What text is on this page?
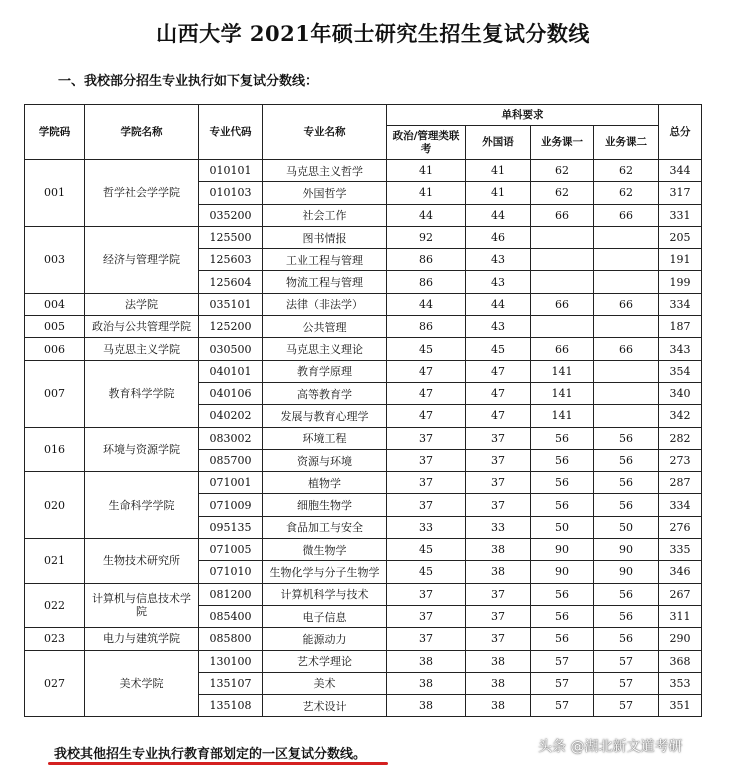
山西大学 2021年硕士研究生招生复试分数线
一、我校部分招生专业执行如下复试分数线：
学院码	学院名称	专业代码	专业名称	单科要求				总分
				政治/管理类联考	外国语	业务课一	业务课二	
001	哲学社会学学院	010101	马克思主义哲学	41	41	62	62	344
		010103	外国哲学	41	41	62	62	317
		035200	社会工作	44	44	66	66	331
003	经济与管理学院	125500	图书情报	92	46			205
		125603	工业工程与管理	86	43			191
		125604	物流工程与管理	86	43			199
004	法学院	035101	法律（非法学）	44	44	66	66	334
005	政治与公共管理学院	125200	公共管理	86	43			187
006	马克思主义学院	030500	马克思主义理论	45	45	66	66	343
007	教育科学学院	040101	教育学原理	47	47	141		354
		040106	高等教育学	47	47	141		340
		040202	发展与教育心理学	47	47	141		342
016	环境与资源学院	083002	环境工程	37	37	56	56	282
		085700	资源与环境	37	37	56	56	273
020	生命科学学院	071001	植物学	37	37	56	56	287
		071009	细胞生物学	37	37	56	56	334
		095135	食品加工与安全	33	33	50	50	276
021	生物技术研究所	071005	微生物学	45	38	90	90	335
		071010	生物化学与分子生物学	45	38	90	90	346
022	计算机与信息技术学院	081200	计算机科学与技术	37	37	56	56	267
		085400	电子信息	37	37	56	56	311
023	电力与建筑学院	085800	能源动力	37	37	56	56	290
027	美术学院	130100	艺术学理论	38	38	57	57	368
		135107	美术	38	38	57	57	353
		135108	艺术设计	38	38	57	57	351
我校其他招生专业执行教育部划定的一区复试分数线。	头条 @湖北新文道考研
